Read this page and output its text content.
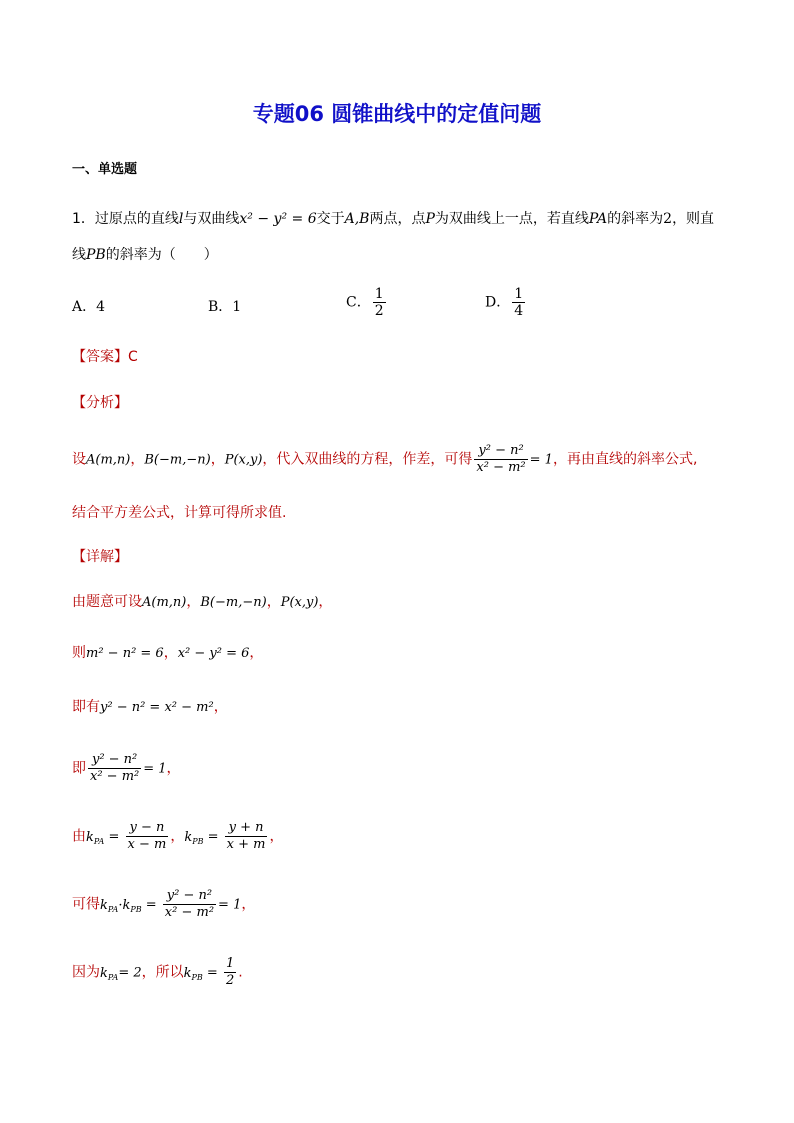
专题06 圆锥曲线中的定值问题
一、单选题
1．过原点的直线l与双曲线x² − y² = 6交于A,B两点，点P为双曲线上一点，若直线PA的斜率为2，则直
线PB的斜率为（　　）
A．4	B．1	C． $\frac{1}{2}$	D． $\frac{1}{4}$
【答案】C
【分析】
设A(m,n)，B(−m,−n)，P(x,y)，代入双曲线的方程，作差，可得 $\frac{\text{y² − n²}}{\text{x² − m²}} = 1$，再由直线的斜率公式,
结合平方差公式，计算可得所求值.
【详解】
由题意可设A(m,n)，B(−m,−n)，P(x,y)，
则m² − n² = 6，x² − y² = 6，
即有y² − n² = x² − m²，
即 $\frac{\text{y² − n²}}{\text{x² − m²}} = 1$，
由$k_{PA} = \frac{y - n}{x - m}$ ，$k_{PB} = \frac{y + n}{x + m}$ ，
可得$k_{PA}\cdot k_{PB} = \frac{\text{y² − n²}}{\text{x² − m²}} = 1$，
因为$k_{PA}= 2$，所以$k_{PB} = \frac{1}{2}$ .
